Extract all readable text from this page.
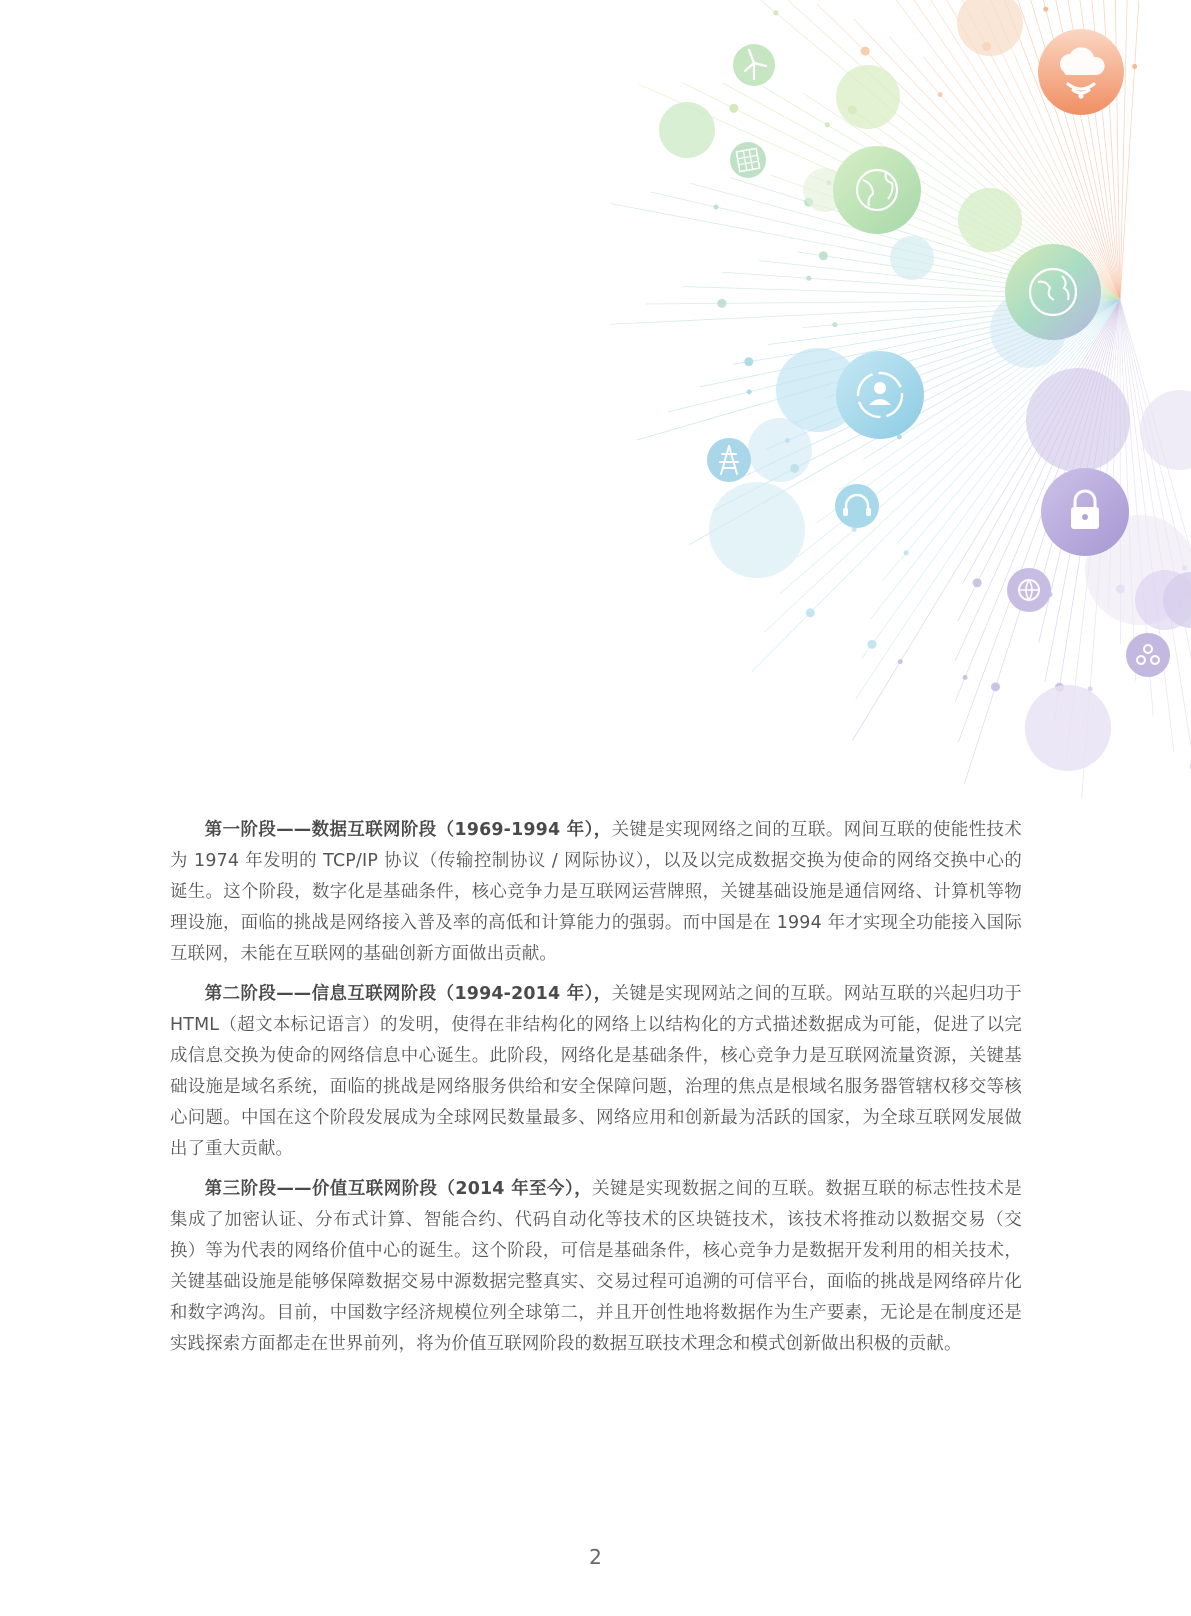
第一阶段——数据互联网阶段（1969-1994 年），关键是实现网络之间的互联。网间互联的使能性技术为 1974 年发明的 TCP/IP 协议（传输控制协议 / 网际协议），以及以完成数据交换为使命的网络交换中心的诞生。这个阶段，数字化是基础条件，核心竞争力是互联网运营牌照，关键基础设施是通信网络、计算机等物理设施，面临的挑战是网络接入普及率的高低和计算能力的强弱。而中国是在 1994 年才实现全功能接入国际互联网，未能在互联网的基础创新方面做出贡献。

第二阶段——信息互联网阶段（1994-2014 年），关键是实现网站之间的互联。网站互联的兴起归功于 HTML（超文本标记语言）的发明，使得在非结构化的网络上以结构化的方式描述数据成为可能，促进了以完成信息交换为使命的网络信息中心诞生。此阶段，网络化是基础条件，核心竞争力是互联网流量资源，关键基础设施是域名系统，面临的挑战是网络服务供给和安全保障问题，治理的焦点是根域名服务器管辖权移交等核心问题。中国在这个阶段发展成为全球网民数量最多、网络应用和创新最为活跃的国家，为全球互联网发展做出了重大贡献。

第三阶段——价值互联网阶段（2014 年至今），关键是实现数据之间的互联。数据互联的标志性技术是集成了加密认证、分布式计算、智能合约、代码自动化等技术的区块链技术，该技术将推动以数据交易（交换）等为代表的网络价值中心的诞生。这个阶段，可信是基础条件，核心竞争力是数据开发利用的相关技术，关键基础设施是能够保障数据交易中源数据完整真实、交易过程可追溯的可信平台，面临的挑战是网络碎片化和数字鸿沟。目前，中国数字经济规模位列全球第二，并且开创性地将数据作为生产要素，无论是在制度还是实践探索方面都走在世界前列，将为价值互联网阶段的数据互联技术理念和模式创新做出积极的贡献。

2
